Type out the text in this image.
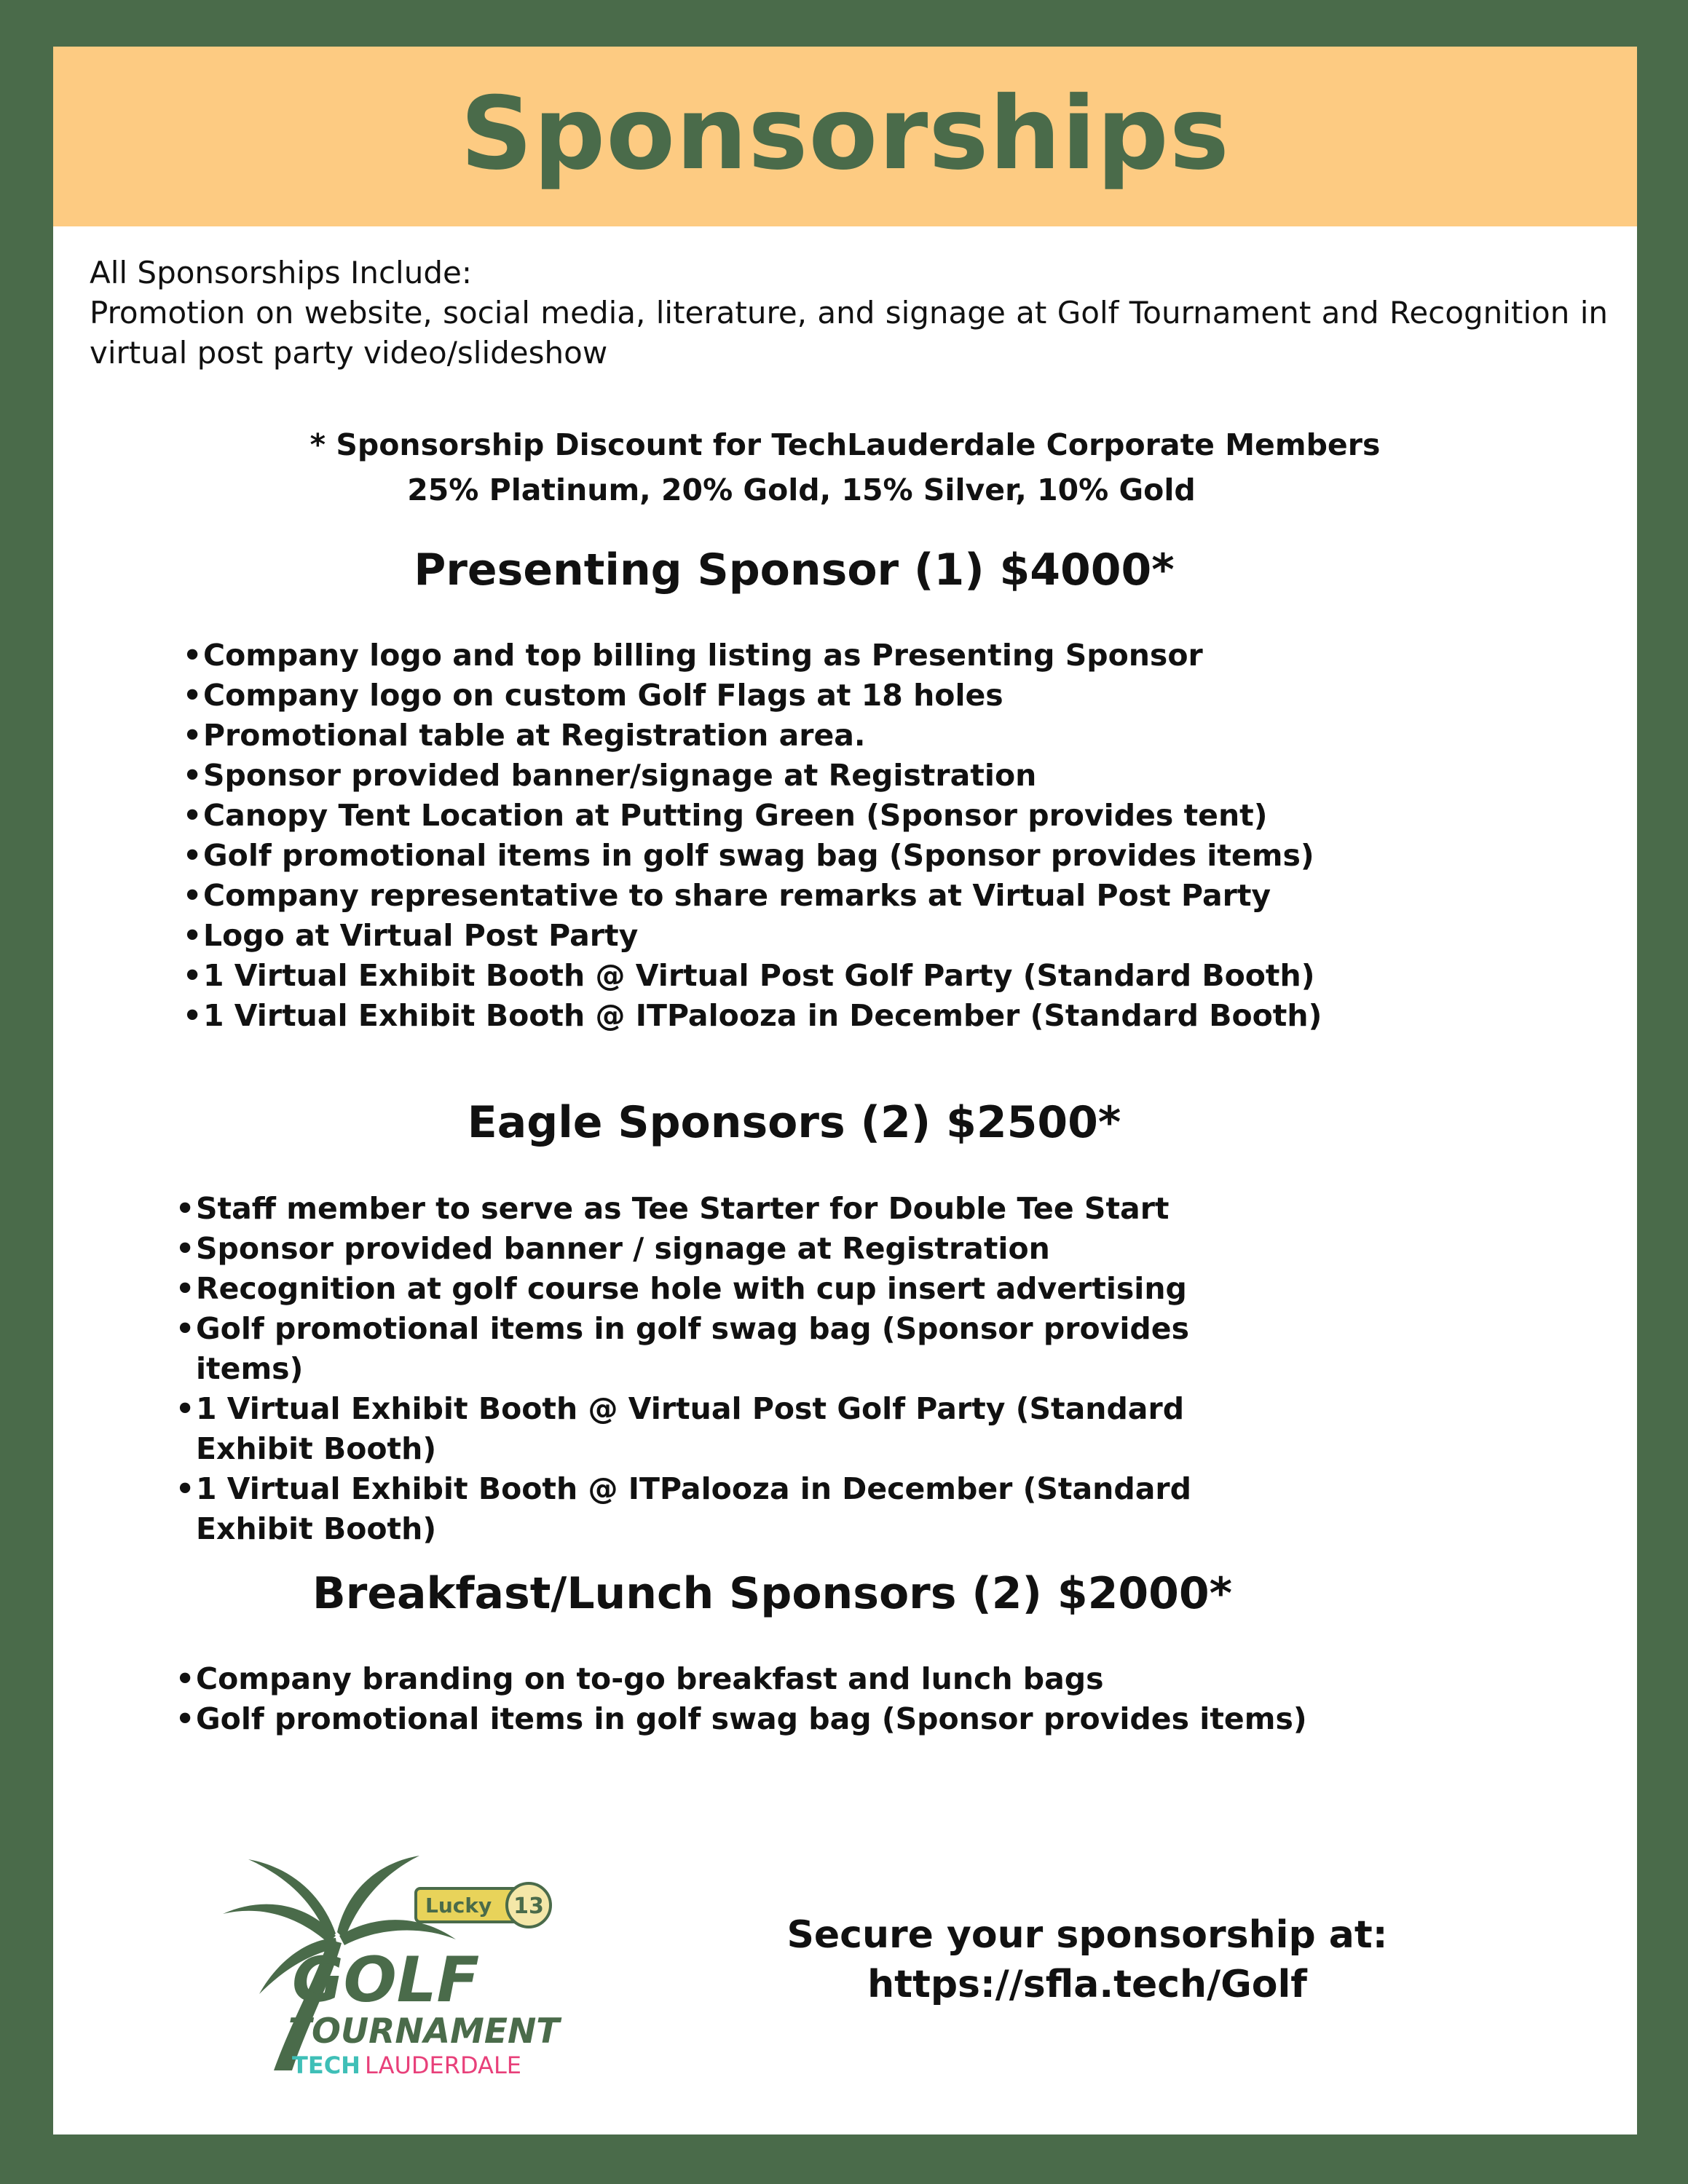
Sponsorships
All Sponsorships Include:
Promotion on website, social media, literature, and signage at Golf Tournament and Recognition in virtual post party video/slideshow
* Sponsorship Discount for TechLauderdale Corporate Members
25% Platinum, 20% Gold, 15% Silver, 10% Gold
Presenting Sponsor (1) $4000*
• Company logo and top billing listing as Presenting Sponsor
• Company logo on custom Golf Flags at 18 holes
• Promotional table at Registration area.
• Sponsor provided banner/signage at Registration
• Canopy Tent Location at Putting Green (Sponsor provides tent)
• Golf promotional items in golf swag bag (Sponsor provides items)
• Company representative to share remarks at Virtual Post Party
• Logo at Virtual Post Party
• 1 Virtual Exhibit Booth @ Virtual Post Golf Party (Standard Booth)
• 1 Virtual Exhibit Booth @ ITPalooza in December (Standard Booth)
Eagle Sponsors (2) $2500*
• Staff member to serve as Tee Starter for Double Tee Start
• Sponsor provided banner / signage at Registration
• Recognition at golf course hole with cup insert advertising
• Golf promotional items in golf swag bag (Sponsor provides items)
• 1 Virtual Exhibit Booth @ Virtual Post Golf Party (Standard Exhibit Booth)
• 1 Virtual Exhibit Booth @ ITPalooza in December (Standard Exhibit Booth)
Breakfast/Lunch Sponsors (2) $2000*
• Company branding on to-go breakfast and lunch bags
• Golf promotional items in golf swag bag (Sponsor provides items)
Lucky 13
GOLF
TOURNAMENT
TECH LAUDERDALE
Secure your sponsorship at:
https://sfla.tech/Golf
